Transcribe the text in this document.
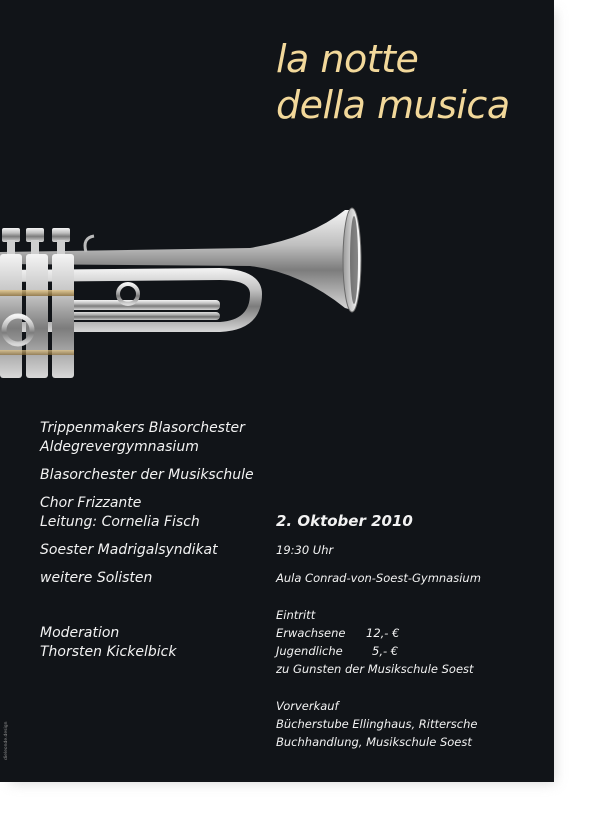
la notte
della musica
Trippenmakers Blasorchester
Aldegrevergymnasium
Blasorchester der Musikschule
Chor Frizzante
Leitung: Cornelia Fisch
Soester Madrigalsyndikat
weitere Solisten
Moderation
Thorsten Kickelbick
2. Oktober 2010
19:30 Uhr
Aula Conrad-von-Soest-Gymnasium
Eintritt
Erwachsene	12,- €
Jugendliche	5,- €
zu Gunsten der Musikschule Soest
Vorverkauf
Bücherstube Ellinghaus, Rittersche
Buchhandlung, Musikschule Soest
dieleonde.design
